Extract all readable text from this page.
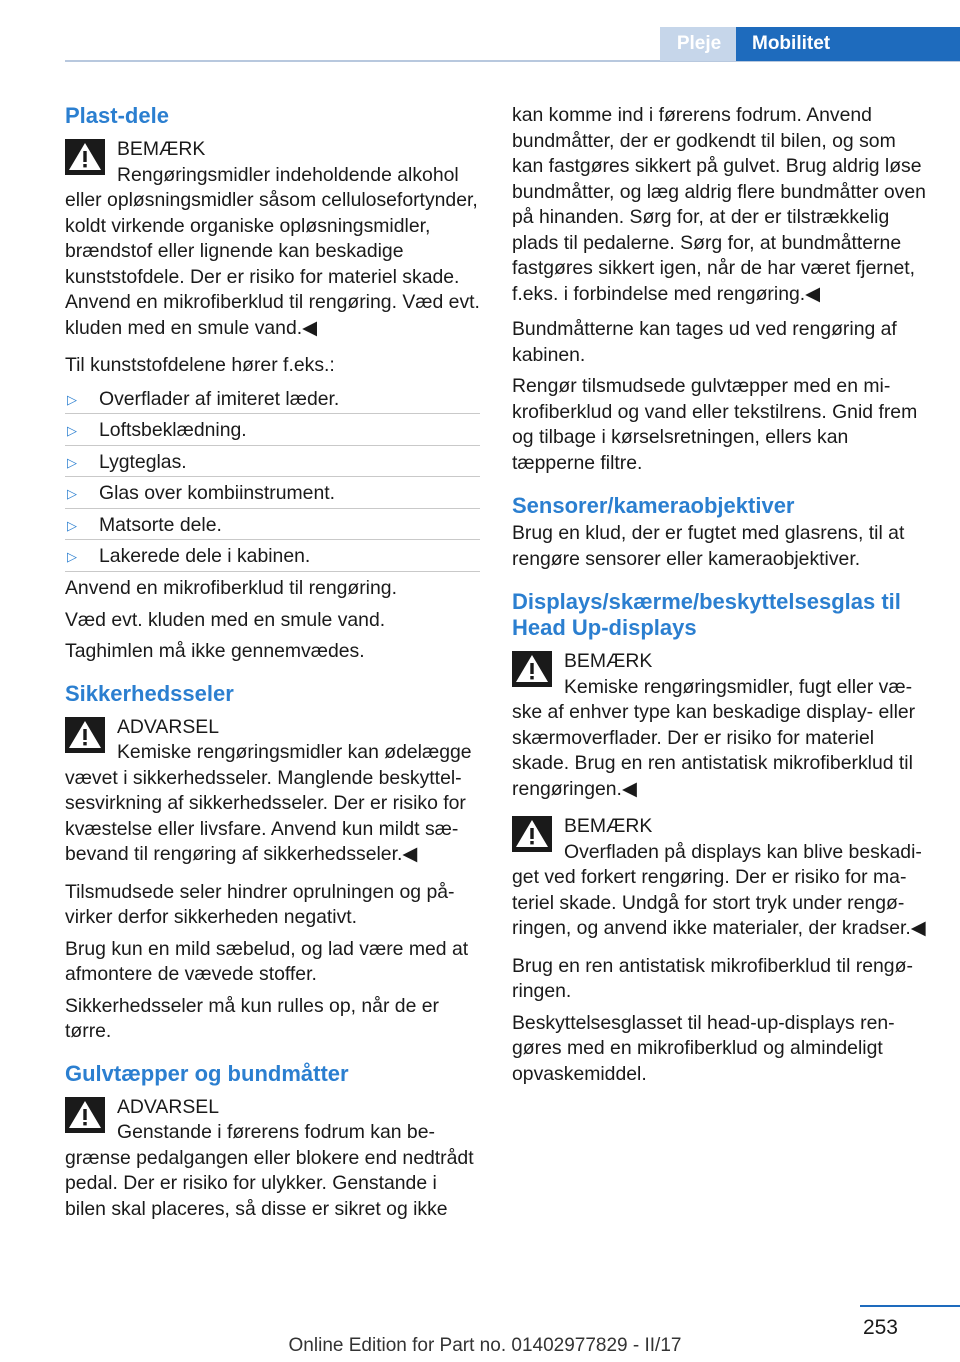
Pleje	Mobilitet
Plast-dele
BEMÆRK
Rengøringsmidler indeholdende alkohol eller opløsningsmidler såsom cellulosefortynder, koldt virkende organiske opløsningsmidler, brændstof eller lignende kan beskadige kunststofdele. Der er risiko for materiel skade. Anvend en mikrofiberklud til rengøring. Væd evt. kluden med en smule vand.◀

Til kunststofdelene hører f.eks.:

▷ Overflader af imiteret læder.
▷ Loftsbeklædning.
▷ Lygteglas.
▷ Glas over kombiinstrument.
▷ Matsorte dele.
▷ Lakerede dele i kabinen.

Anvend en mikrofiberklud til rengøring.

Væd evt. kluden med en smule vand.

Taghimlen må ikke gennemvædes.

Sikkerhedsseler
ADVARSEL
Kemiske rengøringsmidler kan ødelægge vævet i sikkerhedsseler. Manglende beskyttelsesvirkning af sikkerhedsseler. Der er risiko for kvæstelse eller livsfare. Anvend kun mildt sæbevand til rengøring af sikkerhedsseler.◀

Tilsmudsede seler hindrer oprulningen og påvirker derfor sikkerheden negativt.

Brug kun en mild sæbelud, og lad være med at afmontere de vævede stoffer.

Sikkerhedsseler må kun rulles op, når de er tørre.

Gulvtæpper og bundmåtter
ADVARSEL
Genstande i førerens fodrum kan begrænse pedalgangen eller blokere end nedtrådt pedal. Der er risiko for ulykker. Genstande i bilen skal placeres, så disse er sikret og ikke

kan komme ind i førerens fodrum. Anvend bundmåtter, der er godkendt til bilen, og som kan fastgøres sikkert på gulvet. Brug aldrig løse bundmåtter, og læg aldrig flere bundmåtter oven på hinanden. Sørg for, at der er tilstrækkelig plads til pedalerne. Sørg for, at bundmåtterne fastgøres sikkert igen, når de har været fjernet, f.eks. i forbindelse med rengøring.◀

Bundmåtterne kan tages ud ved rengøring af kabinen.

Rengør tilsmudsede gulvtæpper med en mikrofiberklud og vand eller tekstilrens. Gnid frem og tilbage i kørselsretningen, ellers kan tæpperne filtre.

Sensorer/kameraobjektiver

Brug en klud, der er fugtet med glasrens, til at rengøre sensorer eller kameraobjektiver.

Displays/skærme/beskyttelsesglas til Head Up-displays
BEMÆRK
Kemiske rengøringsmidler, fugt eller væske af enhver type kan beskadige display- eller skærmoverflader. Der er risiko for materiel skade. Brug en ren antistatisk mikrofiberklud til rengøringen.◀
BEMÆRK
Overfladen på displays kan blive beskadiget ved forkert rengøring. Der er risiko for materiel skade. Undgå for stort tryk under rengøringen, og anvend ikke materialer, der kradser.◀

Brug en ren antistatisk mikrofiberklud til rengøringen.

Beskyttelsesglasset til head-up-displays rengøres med en mikrofiberklud og almindeligt opvaskemiddel.

253
Online Edition for Part no. 01402977829 - II/17
